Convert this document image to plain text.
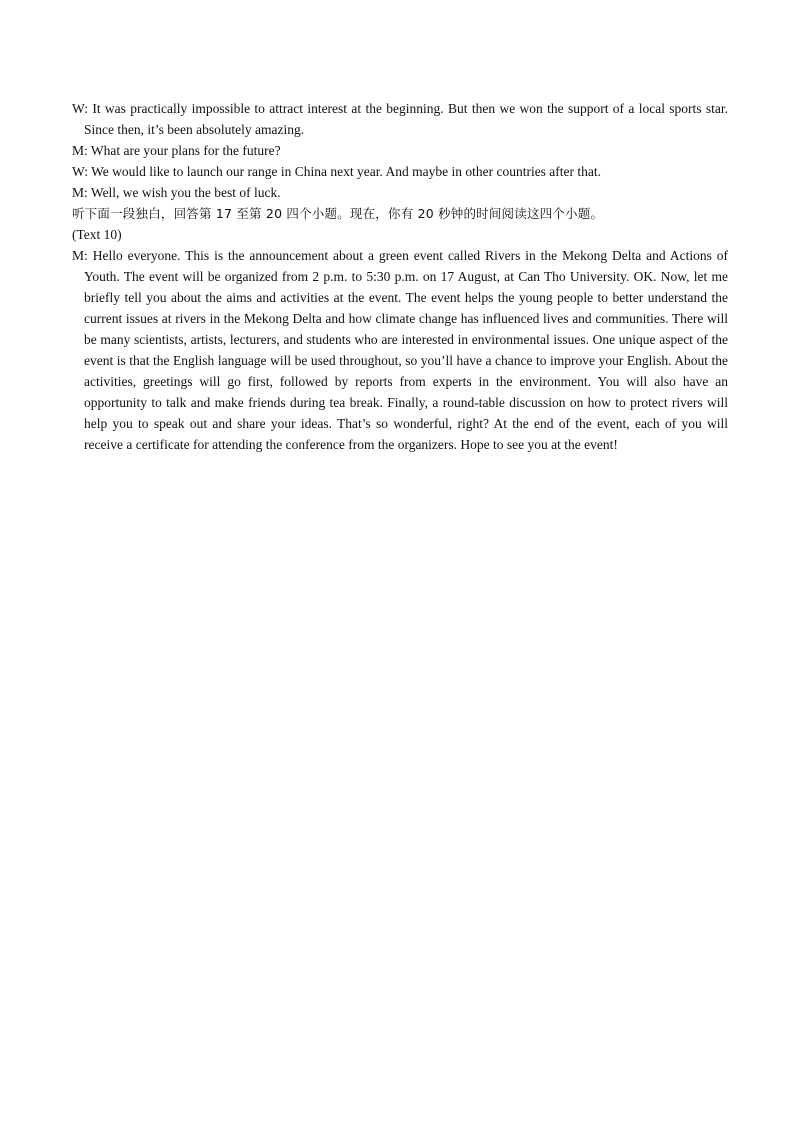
W: It was practically impossible to attract interest at the beginning. But then we won the support of a local sports star. Since then, it’s been absolutely amazing.

M: What are your plans for the future?

W: We would like to launch our range in China next year. And maybe in other countries after that.

M: Well, we wish you the best of luck.

听下面一段独白，回答第 17 至第 20 四个小题。现在，你有 20 秒钟的时间阅读这四个小题。

(Text 10)

M: Hello everyone. This is the announcement about a green event called Rivers in the Mekong Delta and Actions of Youth. The event will be organized from 2 p.m. to 5:30 p.m. on 17 August, at Can Tho University. OK. Now, let me briefly tell you about the aims and activities at the event. The event helps the young people to better understand the current issues at rivers in the Mekong Delta and how climate change has influenced lives and communities. There will be many scientists, artists, lecturers, and students who are interested in environmental issues. One unique aspect of the event is that the English language will be used throughout, so you’ll have a chance to improve your English. About the activities, greetings will go first, followed by reports from experts in the environment. You will also have an opportunity to talk and make friends during tea break. Finally, a round-table discussion on how to protect rivers will help you to speak out and share your ideas. That’s so wonderful, right? At the end of the event, each of you will receive a certificate for attending the conference from the organizers. Hope to see you at the event!
